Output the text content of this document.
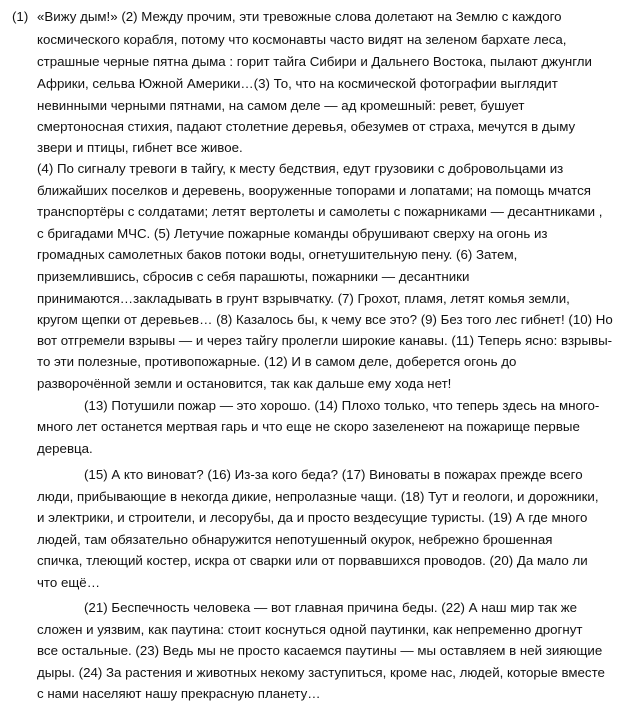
(1) «Вижу дым!» (2) Между прочим, эти тревожные слова долетают на Землю с каждого
космического корабля, потому что космонавты часто видят на зеленом бархате леса,
страшные черные пятна дыма : горит тайга Сибири и Дальнего Востока, пылают джунгли
Африки, сельва Южной Америки…(3) То, что на космической фотографии выглядит
невинными черными пятнами, на самом деле — ад кромешный: ревет, бушует
смертоносная стихия, падают столетние деревья, обезумев от страха, мечутся в дыму
звери и птицы, гибнет все живое.
(4) По сигналу тревоги в тайгу, к месту бедствия, едут грузовики с добровольцами из
ближайших поселков и деревень, вооруженные топорами и лопатами; на помощь мчатся
транспортёры с солдатами; летят вертолеты и самолеты с пожарниками — десантниками ,
с бригадами МЧС. (5) Летучие пожарные команды обрушивают сверху на огонь из
громадных самолетных баков потоки воды, огнетушительную пену. (6) Затем,
приземлившись, сбросив с себя парашюты, пожарники — десантники
принимаются…закладывать в грунт взрывчатку. (7) Грохот, пламя, летят комья земли,
кругом щепки от деревьев… (8) Казалось бы, к чему все это? (9) Без того лес гибнет! (10) Но
вот отгремели взрывы — и через тайгу пролегли широкие канавы. (11) Теперь ясно: взрывы-
то эти полезные, противопожарные. (12) И в самом деле, доберется огонь до
разворочённой земли и остановится, так как дальше ему хода нет!
(13) Потушили пожар — это хорошо. (14) Плохо только, что теперь здесь на много-
много лет останется мертвая гарь и что еще не скоро зазеленеют на пожарище первые
деревца.
(15) А кто виноват? (16) Из-за кого беда? (17) Виноваты в пожарах прежде всего
люди, прибывающие в некогда дикие, непролазные чащи. (18) Тут и геологи, и дорожники,
и электрики, и строители, и лесорубы, да и просто вездесущие туристы. (19) А где много
людей, там обязательно обнаружится непотушенный окурок, небрежно брошенная
спичка, тлеющий костер, искра от сварки или от порвавшихся проводов. (20) Да мало ли
что ещё…
(21) Беспечность человека — вот главная причина беды. (22) А наш мир так же
сложен и уязвим, как паутина: стоит коснуться одной паутинки, как непременно дрогнут
все остальные. (23) Ведь мы не просто касаемся паутины — мы оставляем в ней зияющие
дыры. (24) За растения и животных некому заступиться, кроме нас, людей, которые вместе
с нами населяют нашу прекрасную планету…
